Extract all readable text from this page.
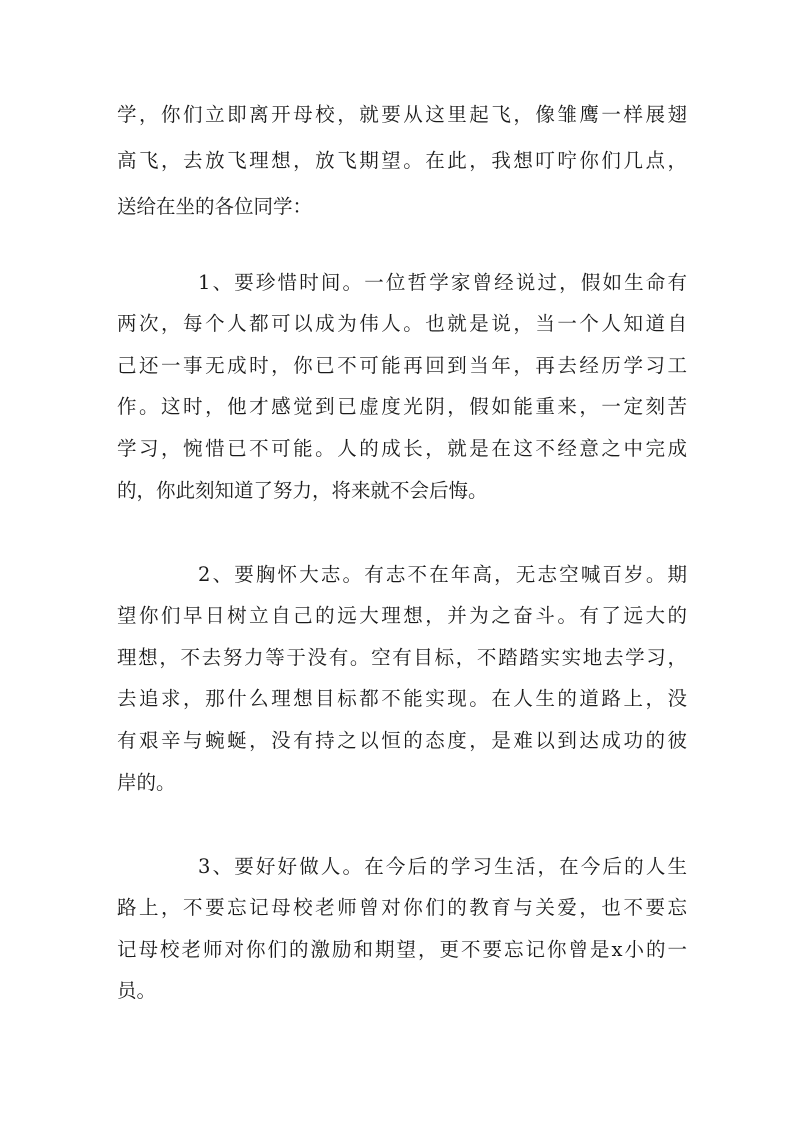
学，你们立即离开母校，就要从这里起飞，像雏鹰一样展翅
高飞，去放飞理想，放飞期望。在此，我想叮咛你们几点，
送给在坐的各位同学：
1、要珍惜时间。一位哲学家曾经说过，假如生命有
两次，每个人都可以成为伟人。也就是说，当一个人知道自
己还一事无成时，你已不可能再回到当年，再去经历学习工
作。这时，他才感觉到已虚度光阴，假如能重来，一定刻苦
学习，惋惜已不可能。人的成长，就是在这不经意之中完成
的，你此刻知道了努力，将来就不会后悔。
2、要胸怀大志。有志不在年高，无志空喊百岁。期
望你们早日树立自己的远大理想，并为之奋斗。有了远大的
理想，不去努力等于没有。空有目标，不踏踏实实地去学习，
去追求，那什么理想目标都不能实现。在人生的道路上，没
有艰辛与蜿蜒，没有持之以恒的态度，是难以到达成功的彼
岸的。
3、要好好做人。在今后的学习生活，在今后的人生
路上，不要忘记母校老师曾对你们的教育与关爱，也不要忘
记母校老师对你们的激励和期望，更不要忘记你曾是x小的一
员。
